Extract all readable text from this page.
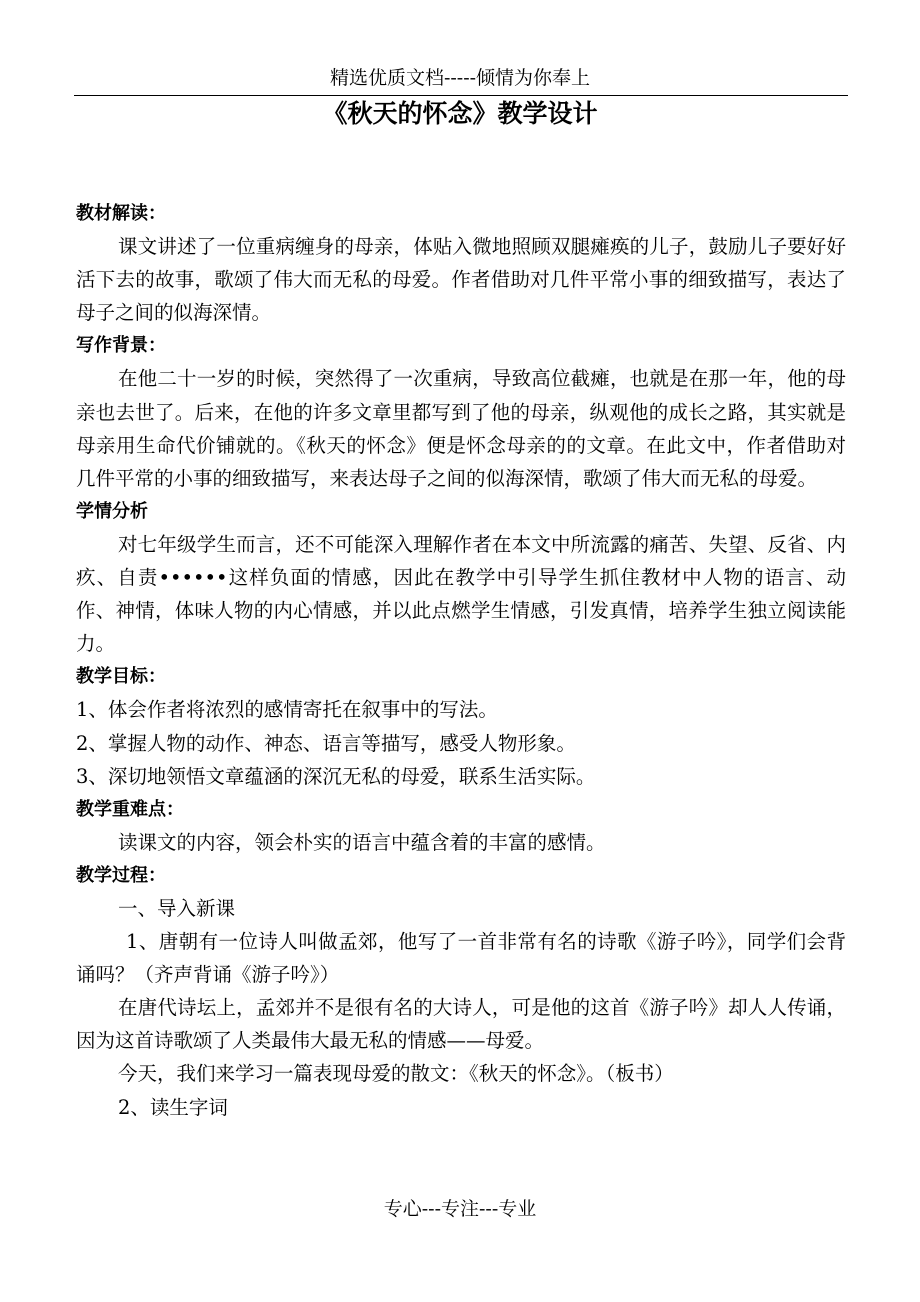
精选优质文档-----倾情为你奉上
《秋天的怀念》教学设计
教材解读：
课文讲述了一位重病缠身的母亲，体贴入微地照顾双腿瘫痪的儿子，鼓励儿子要好好活下去的故事，歌颂了伟大而无私的母爱。作者借助对几件平常小事的细致描写，表达了母子之间的似海深情。
写作背景：
在他二十一岁的时候，突然得了一次重病，导致高位截瘫，也就是在那一年，他的母亲也去世了。后来，在他的许多文章里都写到了他的母亲，纵观他的成长之路，其实就是母亲用生命代价铺就的。《秋天的怀念》便是怀念母亲的的文章。在此文中，作者借助对几件平常的小事的细致描写，来表达母子之间的似海深情，歌颂了伟大而无私的母爱。
学情分析
对七年级学生而言，还不可能深入理解作者在本文中所流露的痛苦、失望、反省、内疚、自责••••••这样负面的情感，因此在教学中引导学生抓住教材中人物的语言、动作、神情，体味人物的内心情感，并以此点燃学生情感，引发真情，培养学生独立阅读能力。
教学目标：
1、体会作者将浓烈的感情寄托在叙事中的写法。
2、掌握人物的动作、神态、语言等描写，感受人物形象。
3、深切地领悟文章蕴涵的深沉无私的母爱，联系生活实际。
教学重难点：
读课文的内容，领会朴实的语言中蕴含着的丰富的感情。
教学过程：
一、导入新课
1、唐朝有一位诗人叫做孟郊，他写了一首非常有名的诗歌《游子吟》，同学们会背诵吗？（齐声背诵《游子吟》）
在唐代诗坛上，孟郊并不是很有名的大诗人，可是他的这首《游子吟》却人人传诵，因为这首诗歌颂了人类最伟大最无私的情感——母爱。
今天，我们来学习一篇表现母爱的散文：《秋天的怀念》。（板书）
2、读生字词
专心---专注---专业
